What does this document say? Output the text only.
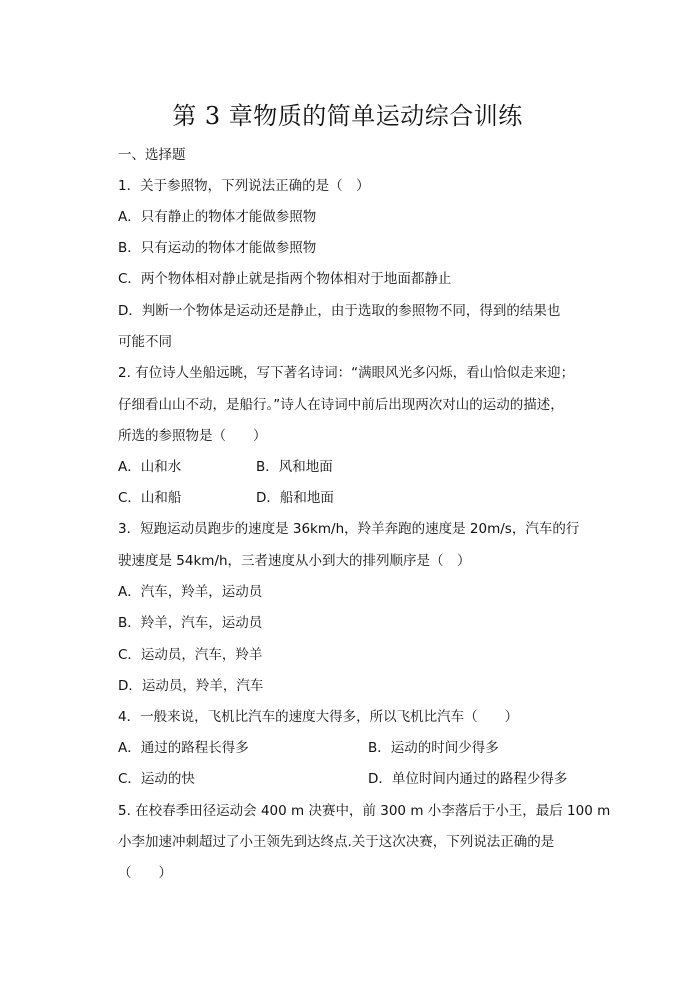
第 3 章物质的简单运动综合训练
一、选择题
1．关于参照物，下列说法正确的是（　）
A．只有静止的物体才能做参照物
B．只有运动的物体才能做参照物
C．两个物体相对静止就是指两个物体相对于地面都静止
D．判断一个物体是运动还是静止，由于选取的参照物不同，得到的结果也
可能不同
2. 有位诗人坐船远眺，写下著名诗词：“满眼风光多闪烁，看山恰似走来迎；
仔细看山山不动，是船行。”诗人在诗词中前后出现两次对山的运动的描述，
所选的参照物是（　　）
A．山和水	B．风和地面
C．山和船	D．船和地面
3．短跑运动员跑步的速度是 36km/h，羚羊奔跑的速度是 20m/s，汽车的行
驶速度是 54km/h，三者速度从小到大的排列顺序是（　）
A．汽车，羚羊，运动员
B．羚羊，汽车，运动员
C．运动员，汽车，羚羊
D．运动员，羚羊，汽车
4．一般来说，飞机比汽车的速度大得多，所以飞机比汽车（　　）
A．通过的路程长得多	B．运动的时间少得多
C．运动的快	D．单位时间内通过的路程少得多
5. 在校春季田径运动会 400 m 决赛中，前 300 m 小李落后于小王，最后 100 m
小李加速冲刺超过了小王领先到达终点.关于这次决赛，下列说法正确的是
（　　）
